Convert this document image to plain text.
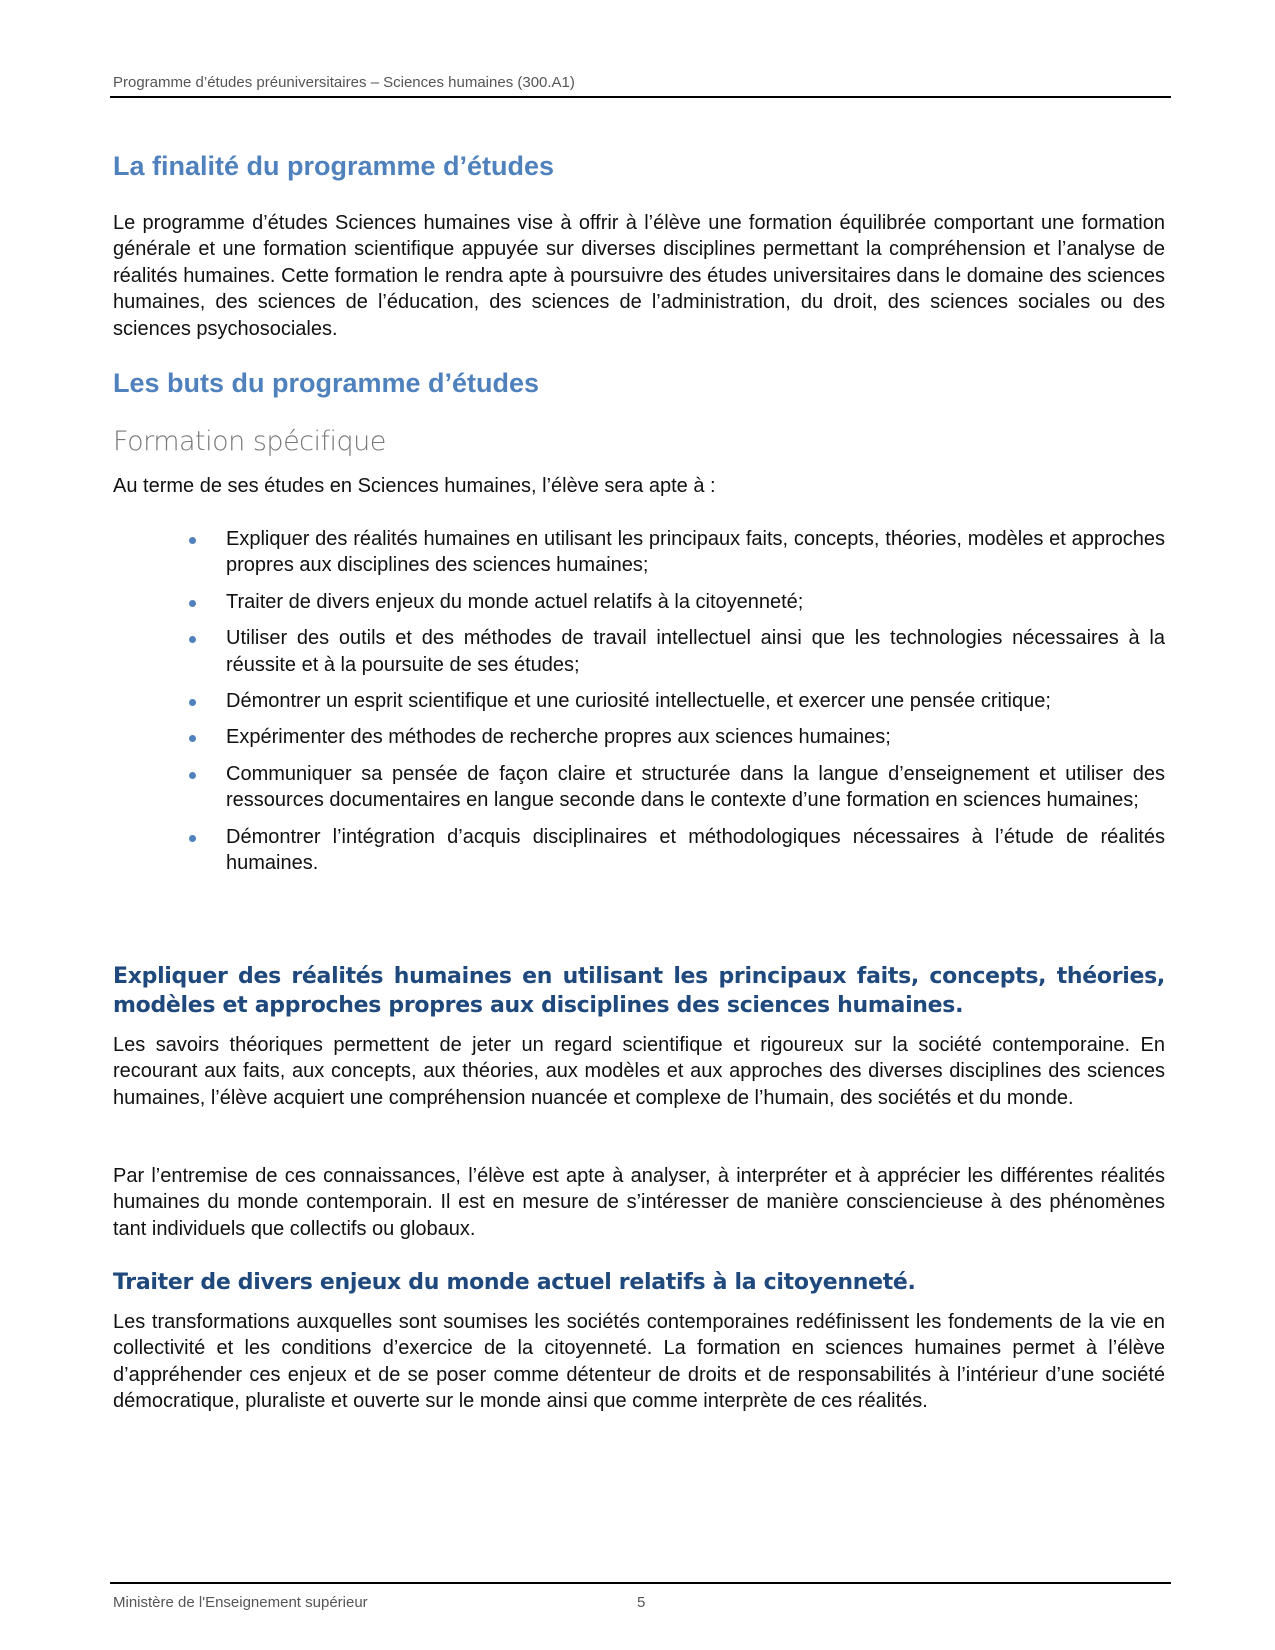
Programme d’études préuniversitaires – Sciences humaines (300.A1)
La finalité du programme d’études
Le programme d’études Sciences humaines vise à offrir à l’élève une formation équilibrée comportant une formation générale et une formation scientifique appuyée sur diverses disciplines permettant la compréhension et l’analyse de réalités humaines. Cette formation le rendra apte à poursuivre des études universitaires dans le domaine des sciences humaines, des sciences de l’éducation, des sciences de l’administration, du droit, des sciences sociales ou des sciences psychosociales.
Les buts du programme d’études
Formation spécifique
Au terme de ses études en Sciences humaines, l’élève sera apte à :
Expliquer des réalités humaines en utilisant les principaux faits, concepts, théories, modèles et approches propres aux disciplines des sciences humaines;
Traiter de divers enjeux du monde actuel relatifs à la citoyenneté;
Utiliser des outils et des méthodes de travail intellectuel ainsi que les technologies nécessaires à la réussite et à la poursuite de ses études;
Démontrer un esprit scientifique et une curiosité intellectuelle, et exercer une pensée critique;
Expérimenter des méthodes de recherche propres aux sciences humaines;
Communiquer sa pensée de façon claire et structurée dans la langue d’enseignement et utiliser des ressources documentaires en langue seconde dans le contexte d’une formation en sciences humaines;
Démontrer l’intégration d’acquis disciplinaires et méthodologiques nécessaires à l’étude de réalités humaines.
Expliquer des réalités humaines en utilisant les principaux faits, concepts, théories, modèles et approches propres aux disciplines des sciences humaines.
Les savoirs théoriques permettent de jeter un regard scientifique et rigoureux sur la société contemporaine. En recourant aux faits, aux concepts, aux théories, aux modèles et aux approches des diverses disciplines des sciences humaines, l’élève acquiert une compréhension nuancée et complexe de l’humain, des sociétés et du monde.
Par l’entremise de ces connaissances, l’élève est apte à analyser, à interpréter et à apprécier les différentes réalités humaines du monde contemporain. Il est en mesure de s’intéresser de manière consciencieuse à des phénomènes tant individuels que collectifs ou globaux.
Traiter de divers enjeux du monde actuel relatifs à la citoyenneté.
Les transformations auxquelles sont soumises les sociétés contemporaines redéfinissent les fondements de la vie en collectivité et les conditions d’exercice de la citoyenneté. La formation en sciences humaines permet à l’élève d’appréhender ces enjeux et de se poser comme détenteur de droits et de responsabilités à l’intérieur d’une société démocratique, pluraliste et ouverte sur le monde ainsi que comme interprète de ces réalités.
Ministère de l'Enseignement supérieur	5
